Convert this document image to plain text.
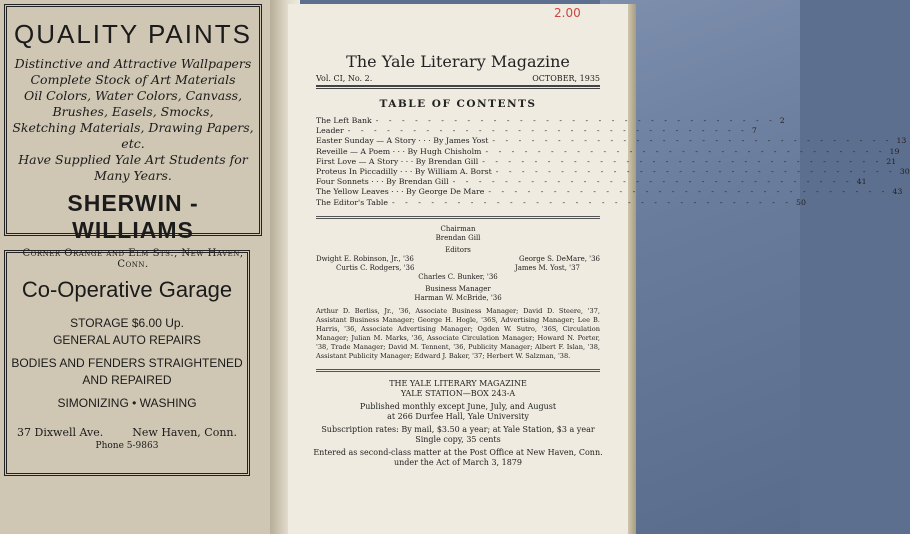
QUALITY PAINTS
Distinctive and Attractive Wallpapers
Complete Stock of Art Materials
Oil Colors, Water Colors, Canvass,
Brushes, Easels, Smocks,
Sketching Materials, Drawing Papers, etc.
Have Supplied Yale Art Students for Many Years.
SHERWIN - WILLIAMS
Corner Orange and Elm Sts., New Haven, Conn.
Co-Operative Garage
STORAGE $6.00 Up.
GENERAL AUTO REPAIRS
BODIES AND FENDERS STRAIGHTENED
AND REPAIRED
SIMONIZING • WASHING
37 Dixwell Ave.	New Haven, Conn.
Phone 5-9863
2.00
The Yale Literary Magazine
Vol. CI, No. 2.	OCTOBER, 1935
TABLE OF CONTENTS
The Left Bank - - - - - - - - - - - - - - - - - - - - - - - - - - - - - - - 2
Leader - - - - - - - - - - - - - - - - - - - - - - - - - - - - - - - 7
Easter Sunday — A Story · · · By James Yost - - - - - - - - - - - - - - - - - - - - - - - - - - - - - - - 13
Reveille — A Poem · · · By Hugh Chisholm - - - - - - - - - - - - - - - - - - - - - - - - - - - - - - - 19
First Love — A Story · · · By Brendan Gill - - - - - - - - - - - - - - - - - - - - - - - - - - - - - - - 21
Proteus In Piccadilly · · · By William A. Borst - - - - - - - - - - - - - - - - - - - - - - - - - - - - - - - 30
Four Sonnets · · · By Brendan Gill - - - - - - - - - - - - - - - - - - - - - - - - - - - - - - - 41
The Yellow Leaves · · · By George De Mare - - - - - - - - - - - - - - - - - - - - - - - - - - - - - - - 43
The Editor's Table - - - - - - - - - - - - - - - - - - - - - - - - - - - - - - - 50
Chairman
Brendan Gill
Editors
Dwight E. Robinson, Jr., '36	George S. DeMare, '36
Curtis C. Rodgers, '36	James M. Yost, '37
Charles C. Bunker, '36
Business Manager
Harman W. McBride, '36
Arthur D. Berliss, Jr., '36, Associate Business Manager; David D. Steere, '37, Assistant Business Manager; George H. Hogle, '36S, Advertising Manager; Lee B. Harris, '36, Associate Advertising Manager; Ogden W. Sutro, '36S, Circulation Manager; Julian M. Marks, '36, Associate Circulation Manager; Howard N. Porter, '38, Trade Manager; David M. Tennent, '36, Publicity Manager; Albert F. Islan, '38, Assistant Publicity Manager; Edward J. Baker, '37; Herbert W. Salzman, '38.
THE YALE LITERARY MAGAZINE
YALE STATION—BOX 243-A
Published monthly except June, July, and August
at 266 Durfee Hall, Yale University
Subscription rates: By mail, $3.50 a year; at Yale Station, $3 a year
Single copy, 35 cents
Entered as second-class matter at the Post Office at New Haven, Conn.
under the Act of March 3, 1879
